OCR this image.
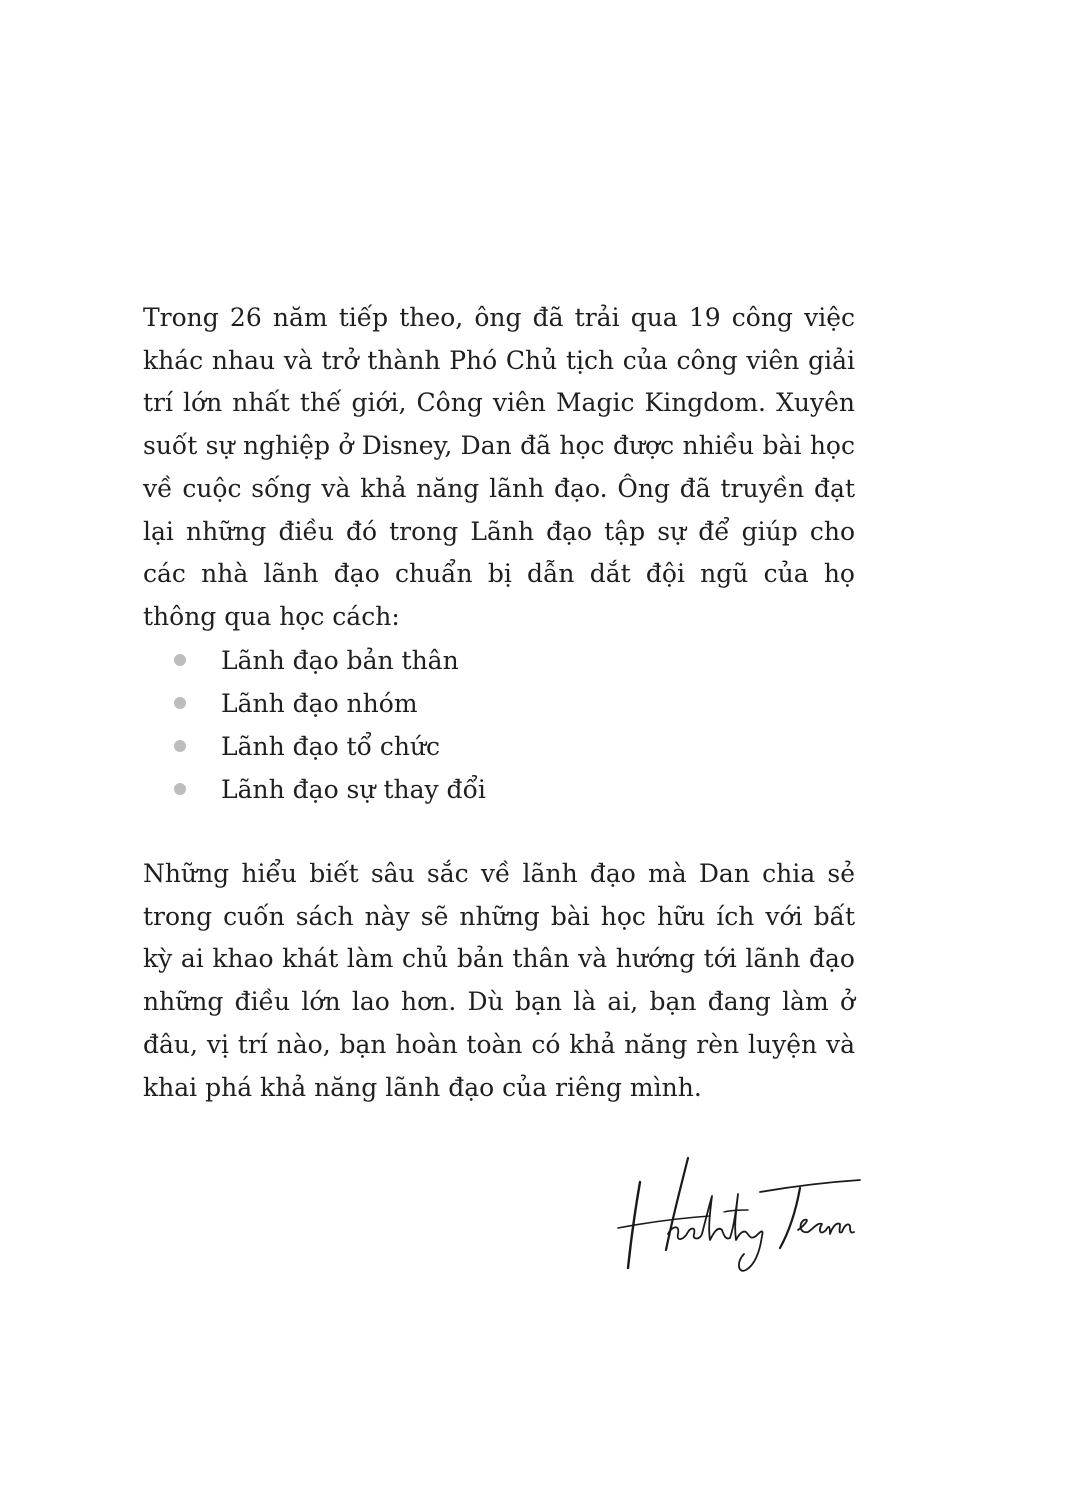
Trong 26 năm tiếp theo, ông đã trải qua 19 công việc khác nhau và trở thành Phó Chủ tịch của công viên giải trí lớn nhất thế giới, Công viên Magic Kingdom. Xuyên suốt sự nghiệp ở Disney, Dan đã học được nhiều bài học về cuộc sống và khả năng lãnh đạo. Ông đã truyền đạt lại những điều đó trong Lãnh đạo tập sự để giúp cho các nhà lãnh đạo chuẩn bị dẫn dắt đội ngũ của họ thông qua học cách:

Lãnh đạo bản thân
Lãnh đạo nhóm
Lãnh đạo tổ chức
Lãnh đạo sự thay đổi

Những hiểu biết sâu sắc về lãnh đạo mà Dan chia sẻ trong cuốn sách này sẽ những bài học hữu ích với bất kỳ ai khao khát làm chủ bản thân và hướng tới lãnh đạo những điều lớn lao hơn. Dù bạn là ai, bạn đang làm ở đâu, vị trí nào, bạn hoàn toàn có khả năng rèn luyện và khai phá khả năng lãnh đạo của riêng mình.
